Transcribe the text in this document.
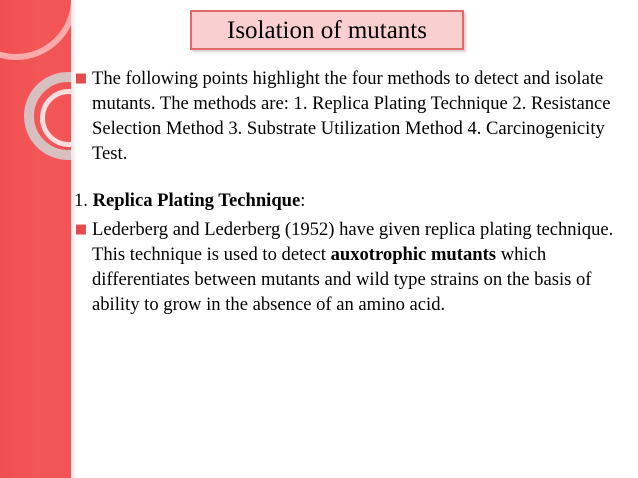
Isolation of mutants
■ The following points highlight the four methods to detect and isolate mutants. The methods are: 1. Replica Plating Technique 2. Resistance Selection Method 3. Substrate Utilization Method 4. Carcinogenicity Test.
1. Replica Plating Technique:
■ Lederberg and Lederberg (1952) have given replica plating technique. This technique is used to detect auxotrophic mutants which differentiates between mutants and wild type strains on the basis of ability to grow in the absence of an amino acid.
